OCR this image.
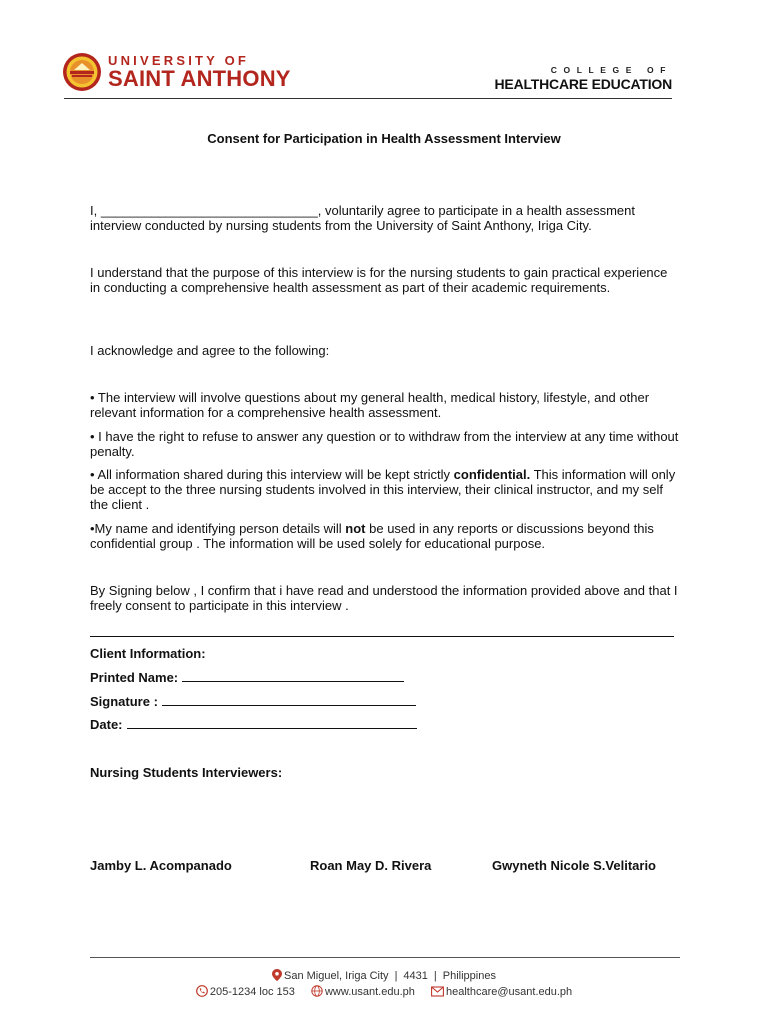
UNIVERSITY OF
SAINT ANTHONY	COLLEGE OF
HEALTHCARE EDUCATION
Consent for Participation in Health Assessment Interview
I, ______________________________, voluntarily agree to participate in a health assessment interview conducted by nursing students from the University of Saint Anthony, Iriga City.
I understand that the purpose of this interview is for the nursing students to gain practical experience in conducting a comprehensive health assessment as part of their academic requirements.
I acknowledge and agree to the following:
• The interview will involve questions about my general health, medical history, lifestyle, and other relevant information for a comprehensive health assessment.
• I have the right to refuse to answer any question or to withdraw from the interview at any time without penalty.
• All information shared during this interview will be kept strictly confidential. This information will only be accept to the three nursing students involved in this interview, their clinical instructor, and my self the client .
•My name and identifying person details will not be used in any reports or discussions beyond this confidential group . The information will be used solely for educational purpose.
By Signing below , I confirm that i have read and understood the information provided above and that I freely consent to participate in this interview .
Client Information:
Printed Name:
Signature :
Date:
Nursing Students Interviewers:
Jamby L. Acompanado	Roan May D. Rivera	Gwyneth Nicole S.Velitario
San Miguel, Iriga City | 4431 | Philippines
205-1234 loc 153	www.usant.edu.ph	healthcare@usant.edu.ph
